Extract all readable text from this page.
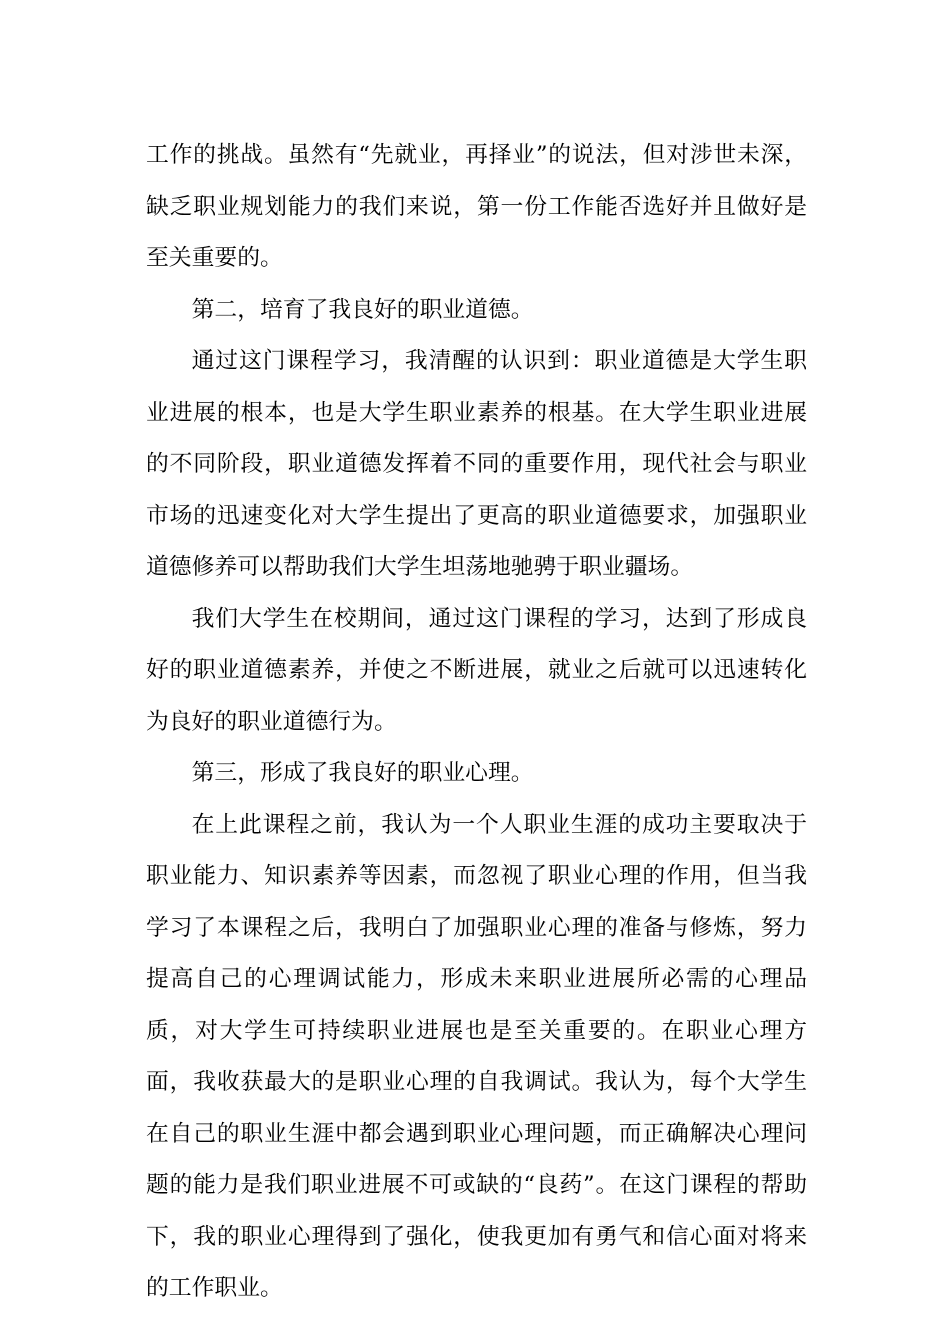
工作的挑战。虽然有“先就业，再择业”的说法，但对涉世未深，缺乏职业规划能力的我们来说，第一份工作能否选好并且做好是至关重要的。

第二，培育了我良好的职业道德。

通过这门课程学习，我清醒的认识到：职业道德是大学生职业进展的根本，也是大学生职业素养的根基。在大学生职业进展的不同阶段，职业道德发挥着不同的重要作用，现代社会与职业市场的迅速变化对大学生提出了更高的职业道德要求，加强职业道德修养可以帮助我们大学生坦荡地驰骋于职业疆场。

我们大学生在校期间，通过这门课程的学习，达到了形成良好的职业道德素养，并使之不断进展，就业之后就可以迅速转化为良好的职业道德行为。

第三，形成了我良好的职业心理。

在上此课程之前，我认为一个人职业生涯的成功主要取决于职业能力、知识素养等因素，而忽视了职业心理的作用，但当我学习了本课程之后，我明白了加强职业心理的准备与修炼，努力提高自己的心理调试能力，形成未来职业进展所必需的心理品质，对大学生可持续职业进展也是至关重要的。在职业心理方面，我收获最大的是职业心理的自我调试。我认为，每个大学生在自己的职业生涯中都会遇到职业心理问题，而正确解决心理问题的能力是我们职业进展不可或缺的“良药”。在这门课程的帮助下，我的职业心理得到了强化，使我更加有勇气和信心面对将来的工作职业。
